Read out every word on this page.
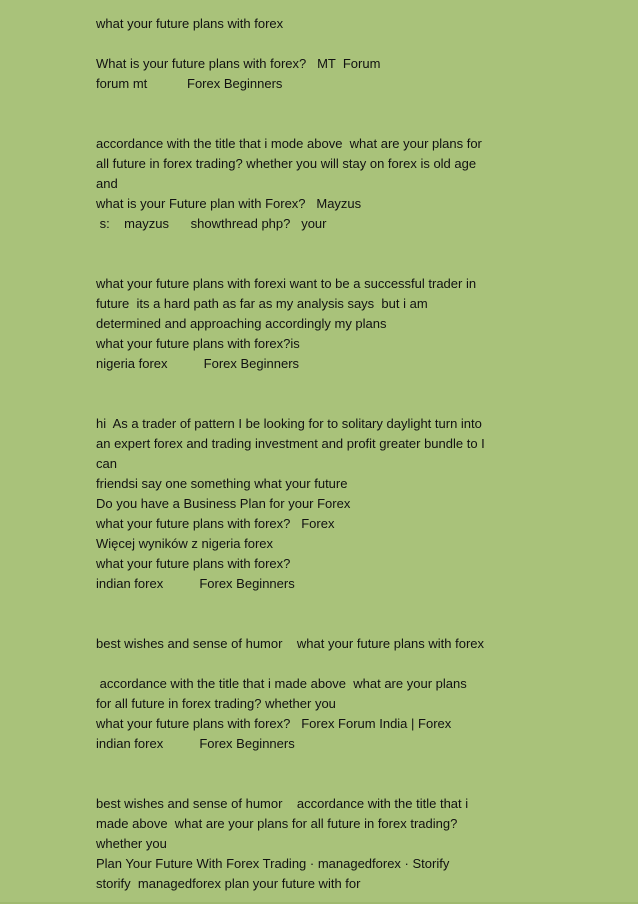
what your future plans with forex
What is your future plans with forex?   MT  Forum
forum mt           Forex Beginners
accordance with the title that i mode above  what are your plans for
all future in forex trading? whether you will stay on forex is old age
and
what is your Future plan with Forex?   Mayzus
s:    mayzus      showthread php?   your
what your future plans with forexi want to be a successful trader in
future  its a hard path as far as my analysis says  but i am
determined and approaching accordingly my plans
what your future plans with forex?is
nigeria forex          Forex Beginners
hi  As a trader of pattern I be looking for to solitary daylight turn into
an expert forex and trading investment and profit greater bundle to I
can
friendsi say one something what your future
Do you have a Business Plan for your Forex
what your future plans with forex?   Forex
Więcej wyników z nigeria forex
what your future plans with forex?
indian forex          Forex Beginners
best wishes and sense of humor    what your future plans with forex
accordance with the title that i made above  what are your plans
for all future in forex trading? whether you
what your future plans with forex?   Forex Forum India | Forex
indian forex          Forex Beginners
best wishes and sense of humor    accordance with the title that i
made above  what are your plans for all future in forex trading?
whether you
Plan Your Future With Forex Trading · managedforex · Storify
storify  managedforex plan your future with for
